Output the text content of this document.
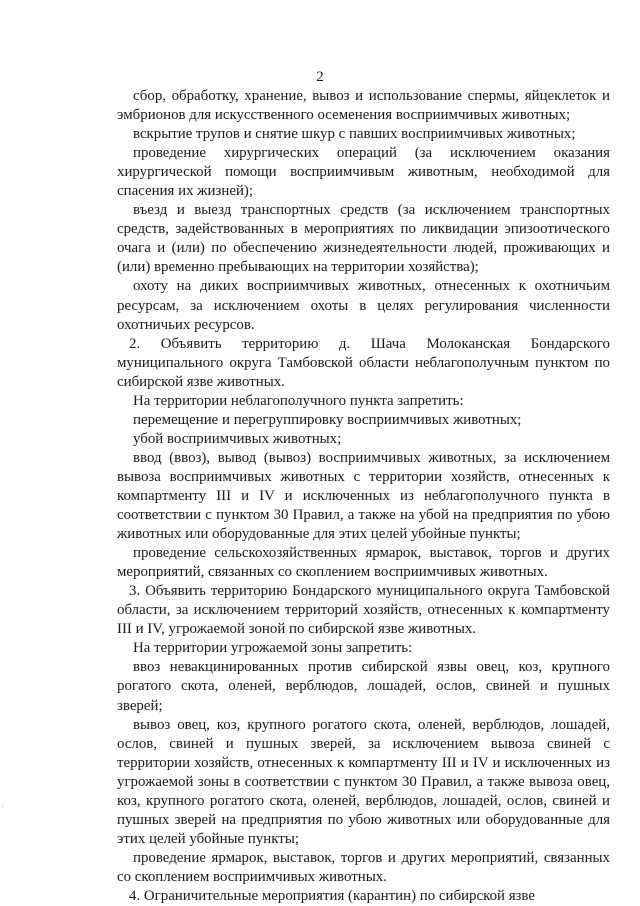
2

сбор, обработку, хранение, вывоз и использование спермы, яйцеклеток и эмбрионов для искусственного осеменения восприимчивых животных;

вскрытие трупов и снятие шкур с павших восприимчивых животных;

проведение хирургических операций (за исключением оказания хирургической помощи восприимчивым животным, необходимой для спасения их жизней);

въезд и выезд транспортных средств (за исключением транспортных средств, задействованных в мероприятиях по ликвидации эпизоотического очага и (или) по обеспечению жизнедеятельности людей, проживающих и (или) временно пребывающих на территории хозяйства);

охоту на диких восприимчивых животных, отнесенных к охотничьим ресурсам, за исключением охоты в целях регулирования численности охотничьих ресурсов.

2. Объявить территорию д. Шача Молоканская Бондарского муниципального округа Тамбовской области неблагополучным пунктом по сибирской язве животных.

На территории неблагополучного пункта запретить:

перемещение и перегруппировку восприимчивых животных;

убой восприимчивых животных;

ввод (ввоз), вывод (вывоз) восприимчивых животных, за исключением вывоза восприимчивых животных с территории хозяйств, отнесенных к компартменту III и IV и исключенных из неблагополучного пункта в соответствии с пунктом 30 Правил, а также на убой на предприятия по убою животных или оборудованные для этих целей убойные пункты;

проведение сельскохозяйственных ярмарок, выставок, торгов и других мероприятий, связанных со скоплением восприимчивых животных.

3. Объявить территорию Бондарского муниципального округа Тамбовской области, за исключением территорий хозяйств, отнесенных к компартменту III и IV, угрожаемой зоной по сибирской язве животных.

На территории угрожаемой зоны запретить:

ввоз невакцинированных против сибирской язвы овец, коз, крупного рогатого скота, оленей, верблюдов, лошадей, ослов, свиней и пушных зверей;

вывоз овец, коз, крупного рогатого скота, оленей, верблюдов, лошадей, ослов, свиней и пушных зверей, за исключением вывоза свиней с территории хозяйств, отнесенных к компартменту III и IV и исключенных из угрожаемой зоны в соответствии с пунктом 30 Правил, а также вывоза овец, коз, крупного рогатого скота, оленей, верблюдов, лошадей, ослов, свиней и пушных зверей на предприятия по убою животных или оборудованные для этих целей убойные пункты;

проведение ярмарок, выставок, торгов и других мероприятий, связанных со скоплением восприимчивых животных.

4. Ограничительные мероприятия (карантин) по сибирской язве

▏
